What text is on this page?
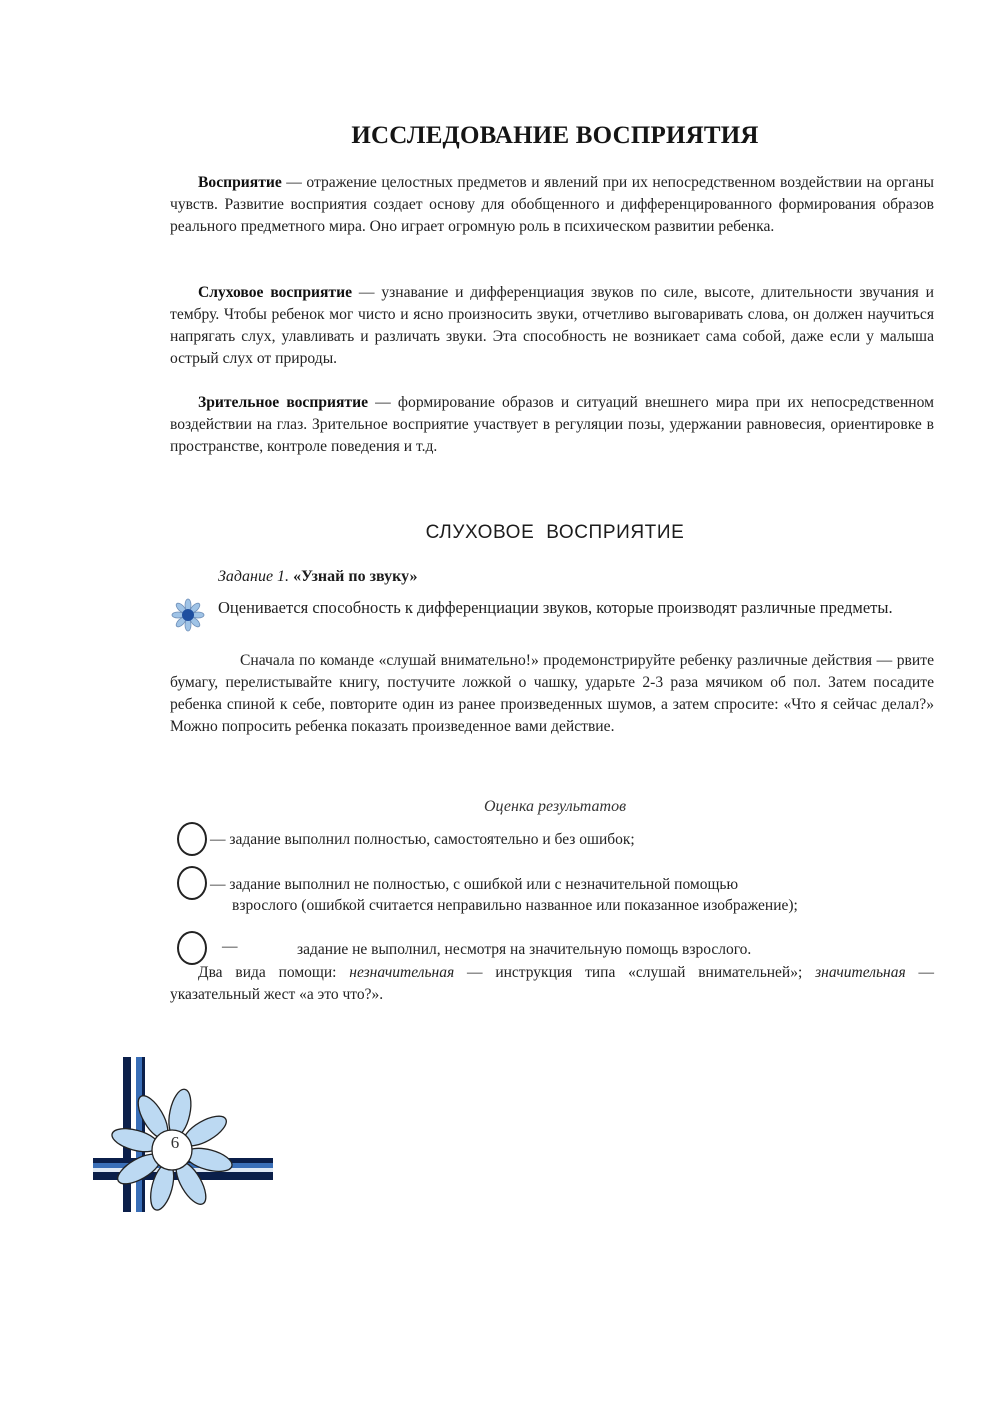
ИССЛЕДОВАНИЕ ВОСПРИЯТИЯ
Восприятие — отражение целостных предметов и явлений при их непосредственном воздействии на органы чувств. Развитие восприятия создает основу для обобщенного и дифференцированного формирования образов реального предметного мира. Оно играет огромную роль в психическом развитии ребенка.
Слуховое восприятие — узнавание и дифференциация звуков по силе, высоте, длительности звучания и тембру. Чтобы ребенок мог чисто и ясно произносить звуки, отчетливо выговаривать слова, он должен научиться напрягать слух, улавливать и различать звуки. Эта способность не возникает сама собой, даже если у малыша острый слух от природы.
Зрительное восприятие — формирование образов и ситуаций внешнего мира при их непосредственном воздействии на глаз. Зрительное восприятие участвует в регуляции позы, удержании равновесия, ориентировке в пространстве, контроле поведения и т.д.
СЛУХОВОЕ ВОСПРИЯТИЕ
Задание 1. «Узнай по звуку»
Оценивается способность к дифференциации звуков, которые производят различные предметы.
Сначала по команде «слушай внимательно!» продемонстрируйте ребенку различные действия — рвите бумагу, перелистывайте книгу, постучите ложкой о чашку, ударьте 2-3 раза мячиком об пол. Затем посадите ребенка спиной к себе, повторите один из ранее произведенных шумов, а затем спросите: «Что я сейчас делал?» Можно попросить ребенка показать произведенное вами действие.
Оценка результатов
— задание выполнил полностью, самостоятельно и без ошибок;
— задание выполнил не полностью, с ошибкой или с незначительной помощью
взрослого (ошибкой считается неправильно названное или показанное изображение);
—	задание не выполнил, несмотря на значительную помощь взрослого.
Два вида помощи: незначительная — инструкция типа «слушай внимательней»; значительная — указательный жест «а это что?».
6
